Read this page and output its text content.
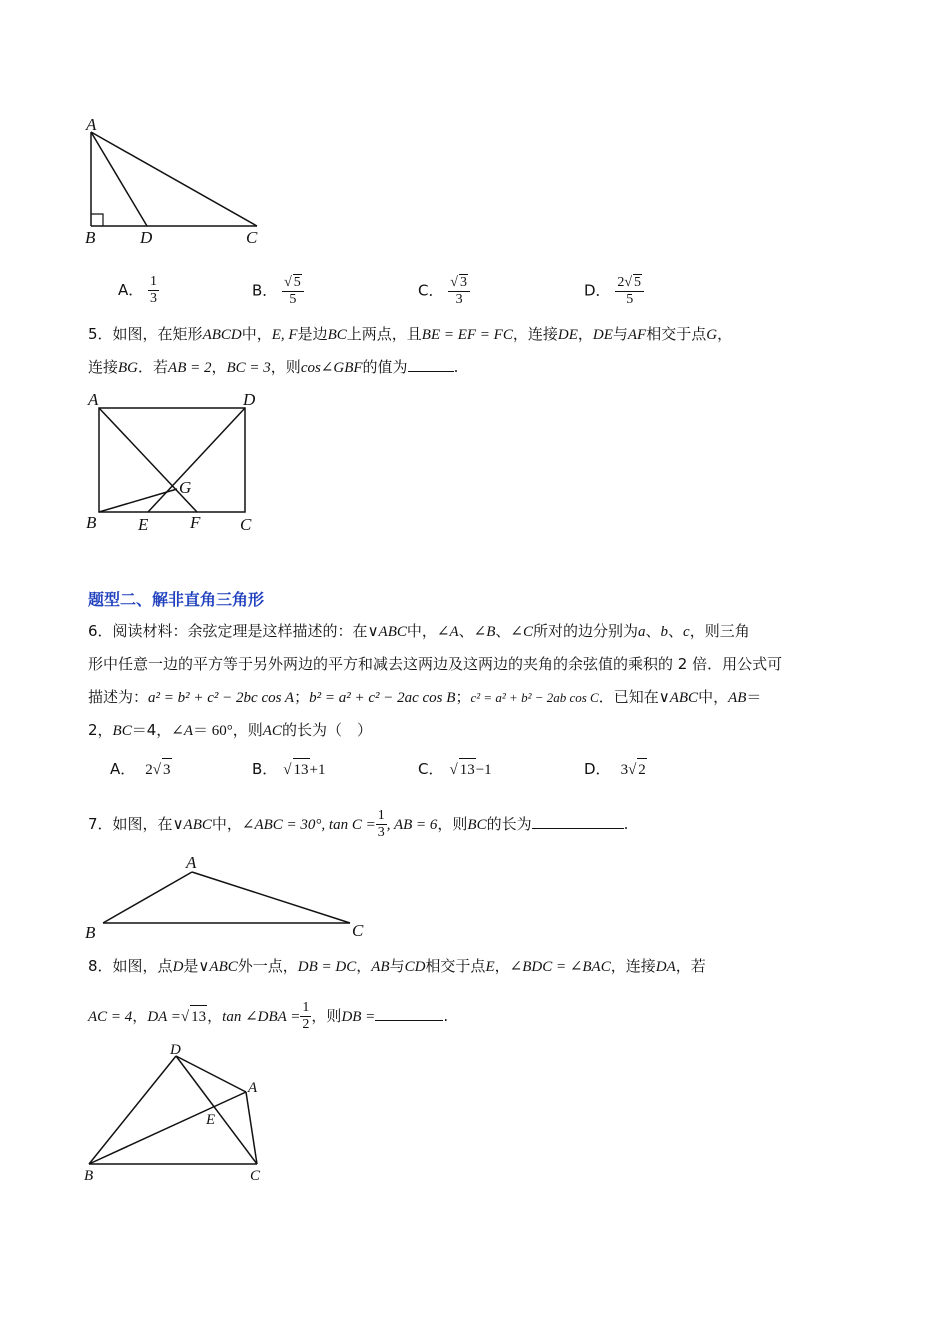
A
B	D	C
A． $\frac{1}{3}$	B． $\frac{√ 5}{5}$	C． $\frac{√ 3}{3}$	D． $\frac{2√ 5}{5}$
5．如图，在矩形ABCD中，E, F是边BC上两点，且BE = EF = FC，连接DE，DE与AF相交于点G，
连接BG．若AB = 2，BC = 3，则cos∠GBF的值为	.
A	D
G
B E F C
题型二、解非直角三角形
6．阅读材料：余弦定理是这样描述的：在∨ABC中，∠A、∠B、∠C所对的边分别为a、b、c，则三角
形中任意一边的平方等于另外两边的平方和减去这两边及这两边的夹角的余弦值的乘积的 2 倍．用公式可
描述为：a² = b² + c² − 2bc cos A；b² = a² + c² − 2ac cos B；c² = a² + b² − 2ab cos C．已知在∨ABC中，AB＝
2，BC＝4，∠A＝ 60°，则AC的长为（　）
A． 2√ 3	B． √ 13+1	C． √ 13−1	D． 3√ 2
7．如图，在∨ABC中，∠ABC = 30°, $\tan C = \frac{1}{3}$ , AB = 6，则BC的长为	.
A
B	C
8．如图，点D是∨ABC外一点，DB = DC，AB与CD相交于点E，∠BDC = ∠BAC，连接DA，若
AC = 4，DA =√ 13，tan ∠DBA = $\frac{1}{2}$ ，则DB =	.
D
A
E
B	C
